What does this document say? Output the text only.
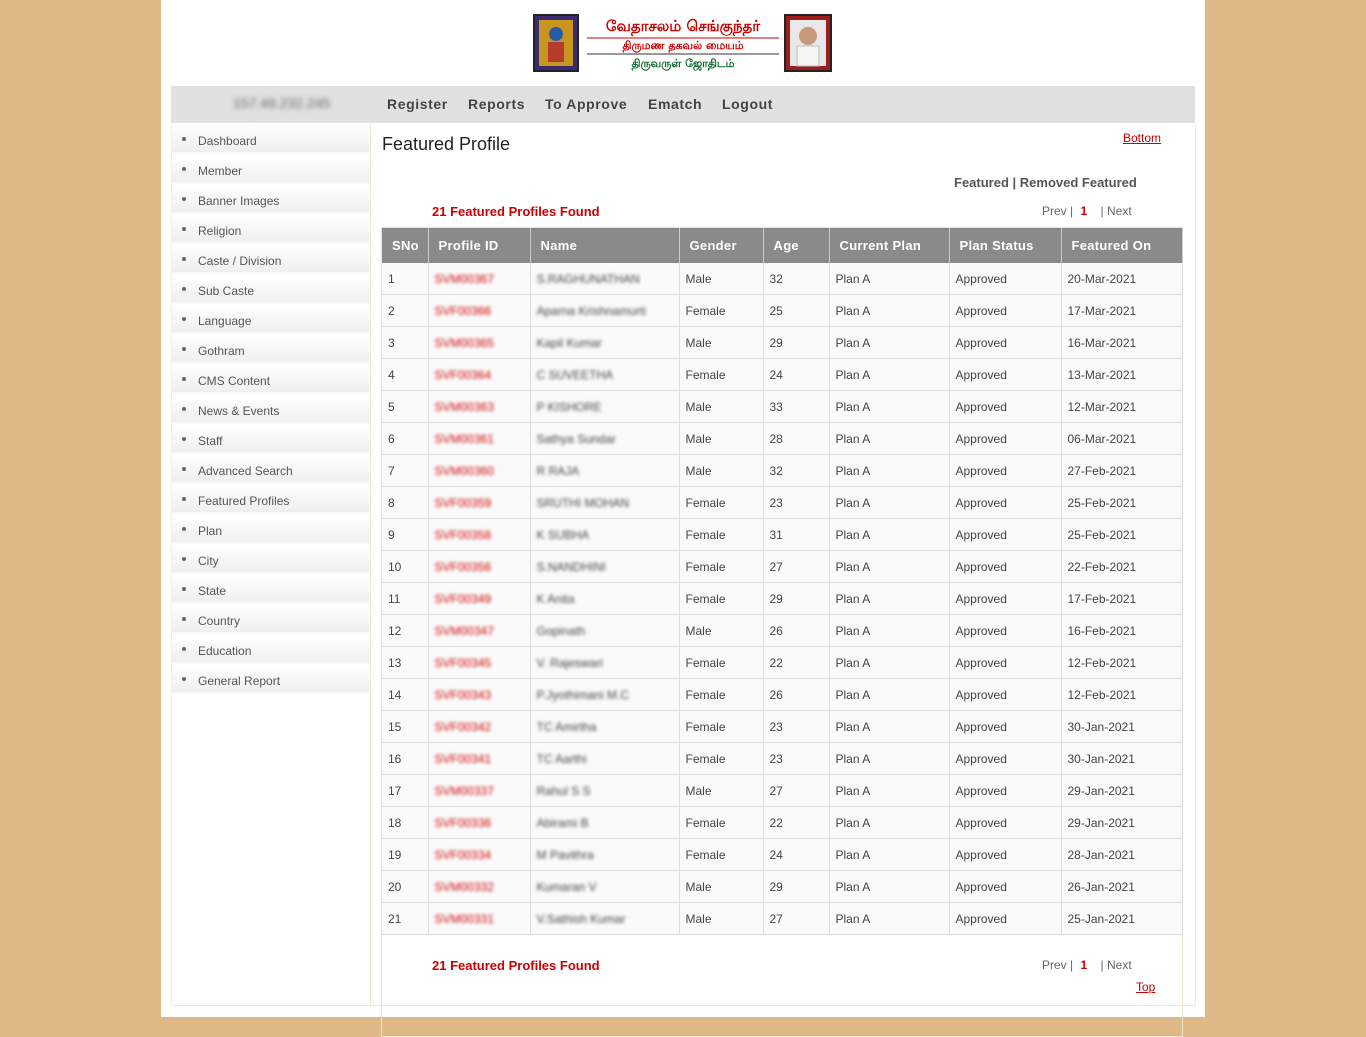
வேதாசலம் செங்குந்தர்
திருமண தகவல் மையம்
திருவருள் ஜோதிடம்
157.49.232.245	Register Reports To Approve Ematch Logout
Dashboard
Member
Banner Images
Religion
Caste / Division
Sub Caste
Language
Gothram
CMS Content
News & Events
Staff
Advanced Search
Featured Profiles
Plan
City
State
Country
Education
General Report
Featured Profile	Bottom
Featured | Removed Featured
21 Featured Profiles Found	Prev | 1 | Next
SNo	Profile ID	Name	Gender	Age	Current Plan	Plan Status	Featured On
1	SVM00367	S.RAGHUNATHAN	Male	32	Plan A	Approved	20-Mar-2021
2	SVF00366	Aparna Krishnamurti	Female	25	Plan A	Approved	17-Mar-2021
3	SVM00365	Kapil Kumar	Male	29	Plan A	Approved	16-Mar-2021
4	SVF00364	C SUVEETHA	Female	24	Plan A	Approved	13-Mar-2021
5	SVM00363	P KISHORE	Male	33	Plan A	Approved	12-Mar-2021
6	SVM00361	Sathya Sundar	Male	28	Plan A	Approved	06-Mar-2021
7	SVM00360	R RAJA	Male	32	Plan A	Approved	27-Feb-2021
8	SVF00359	SRUTHI MOHAN	Female	23	Plan A	Approved	25-Feb-2021
9	SVF00358	K SUBHA	Female	31	Plan A	Approved	25-Feb-2021
10	SVF00356	S.NANDHINI	Female	27	Plan A	Approved	22-Feb-2021
11	SVF00349	K Anita	Female	29	Plan A	Approved	17-Feb-2021
12	SVM00347	Gopinath	Male	26	Plan A	Approved	16-Feb-2021
13	SVF00345	V. Rajeswari	Female	22	Plan A	Approved	12-Feb-2021
14	SVF00343	P.Jyothimani M.C	Female	26	Plan A	Approved	12-Feb-2021
15	SVF00342	TC Amirtha	Female	23	Plan A	Approved	30-Jan-2021
16	SVF00341	TC Aarthi	Female	23	Plan A	Approved	30-Jan-2021
17	SVM00337	Rahul S S	Male	27	Plan A	Approved	29-Jan-2021
18	SVF00336	Abirami B	Female	22	Plan A	Approved	29-Jan-2021
19	SVF00334	M Pavithra	Female	24	Plan A	Approved	28-Jan-2021
20	SVM00332	Kumaran V	Male	29	Plan A	Approved	26-Jan-2021
21	SVM00331	V.Sathish Kumar	Male	27	Plan A	Approved	25-Jan-2021
21 Featured Profiles Found	Prev | 1 | Next
Top
